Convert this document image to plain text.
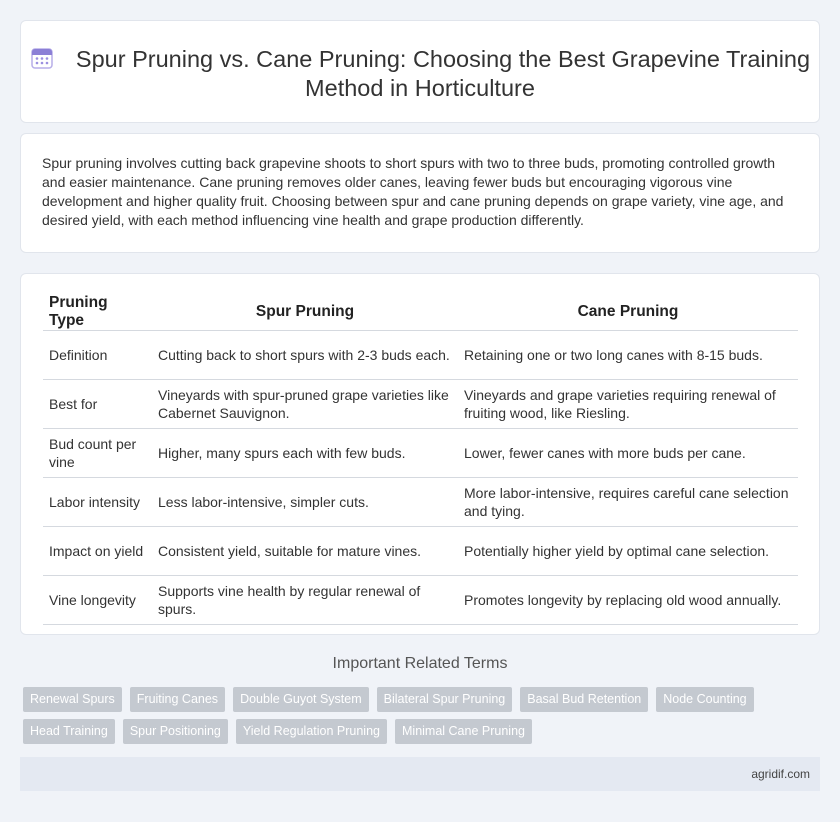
Spur Pruning vs. Cane Pruning: Choosing the Best Grapevine Training Method in Horticulture

Spur pruning involves cutting back grapevine shoots to short spurs with two to three buds, promoting controlled growth and easier maintenance. Cane pruning removes older canes, leaving fewer buds but encouraging vigorous vine development and higher quality fruit. Choosing between spur and cane pruning depends on grape variety, vine age, and desired yield, with each method influencing vine health and grape production differently.

Pruning Type	Spur Pruning	Cane Pruning
Definition	Cutting back to short spurs with 2-3 buds each.	Retaining one or two long canes with 8-15 buds.
Best for	Vineyards with spur-pruned grape varieties like Cabernet Sauvignon.	Vineyards and grape varieties requiring renewal of fruiting wood, like Riesling.
Bud count per vine	Higher, many spurs each with few buds.	Lower, fewer canes with more buds per cane.
Labor intensity	Less labor-intensive, simpler cuts.	More labor-intensive, requires careful cane selection and tying.
Impact on yield	Consistent yield, suitable for mature vines.	Potentially higher yield by optimal cane selection.
Vine longevity	Supports vine health by regular renewal of spurs.	Promotes longevity by replacing old wood annually.
Important Related Terms
Renewal Spurs	Fruiting Canes	Double Guyot System	Bilateral Spur Pruning	Basal Bud Retention	Node Counting
Head Training	Spur Positioning	Yield Regulation Pruning	Minimal Cane Pruning
agridif.com
